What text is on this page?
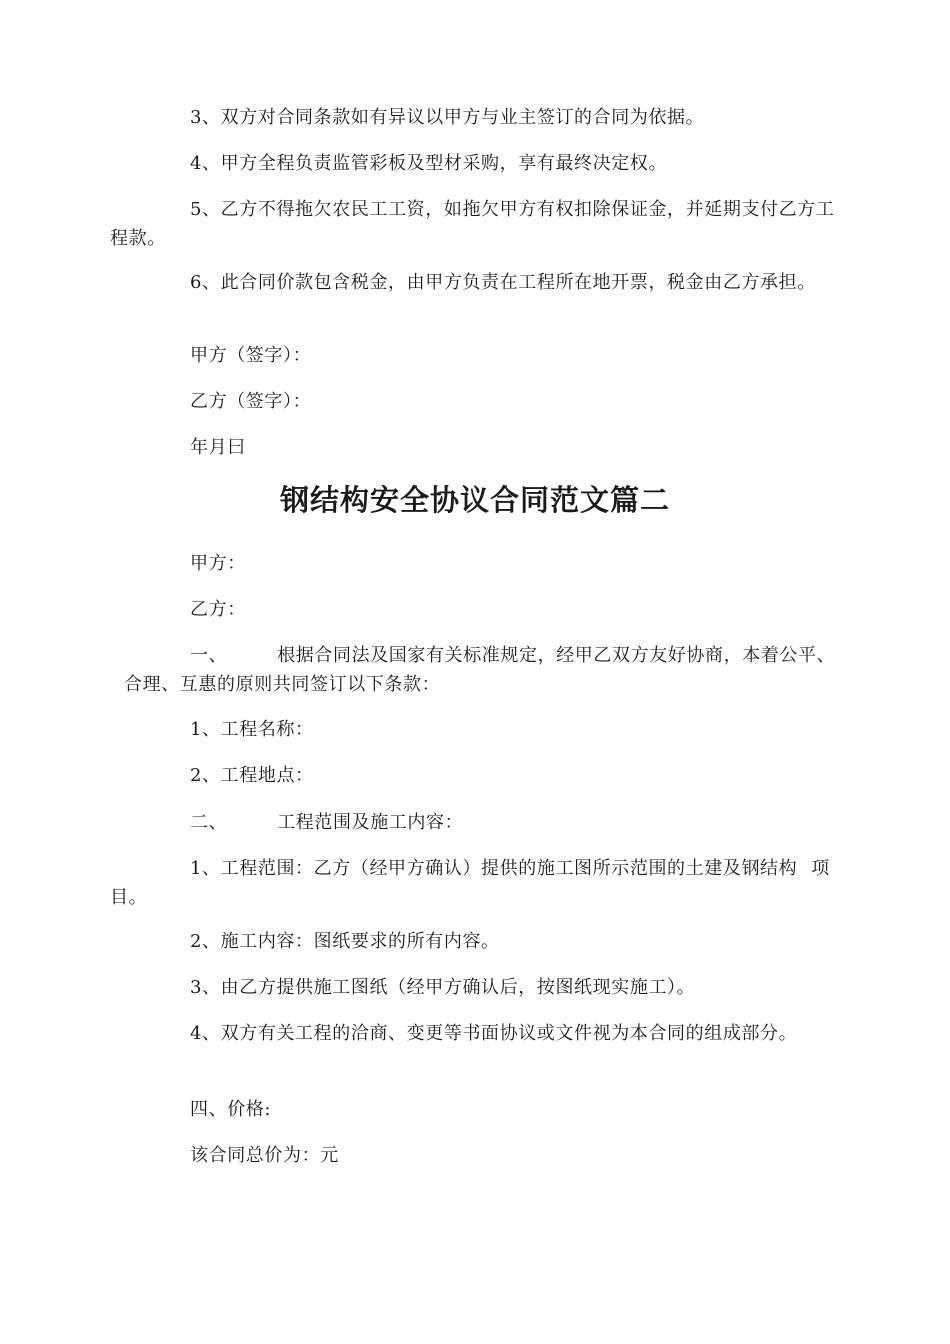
3、双方对合同条款如有异议以甲方与业主签订的合同为依据。

4、甲方全程负责监管彩板及型材采购，享有最终决定权。

5、乙方不得拖欠农民工工资，如拖欠甲方有权扣除保证金，并延期支付乙方工程款。

6、此合同价款包含税金，由甲方负责在工程所在地开票，税金由乙方承担。

甲方（签字）：

乙方（签字）：

年月曰

钢结构安全协议合同范文篇二

甲方：

乙方：

一、	根据合同法及国家有关标准规定，经甲乙双方友好协商，本着公平、合理、互惠的原则共同签订以下条款：

1、工程名称：

2、工程地点：

二、	工程范围及施工内容：

1、工程范围：乙方（经甲方确认）提供的施工图所示范围的土建及钢结构 项目。

2、施工内容：图纸要求的所有内容。

3、由乙方提供施工图纸（经甲方确认后，按图纸现实施工）。

4、双方有关工程的洽商、变更等书面协议或文件视为本合同的组成部分。

四、价格:

该合同总价为：元
